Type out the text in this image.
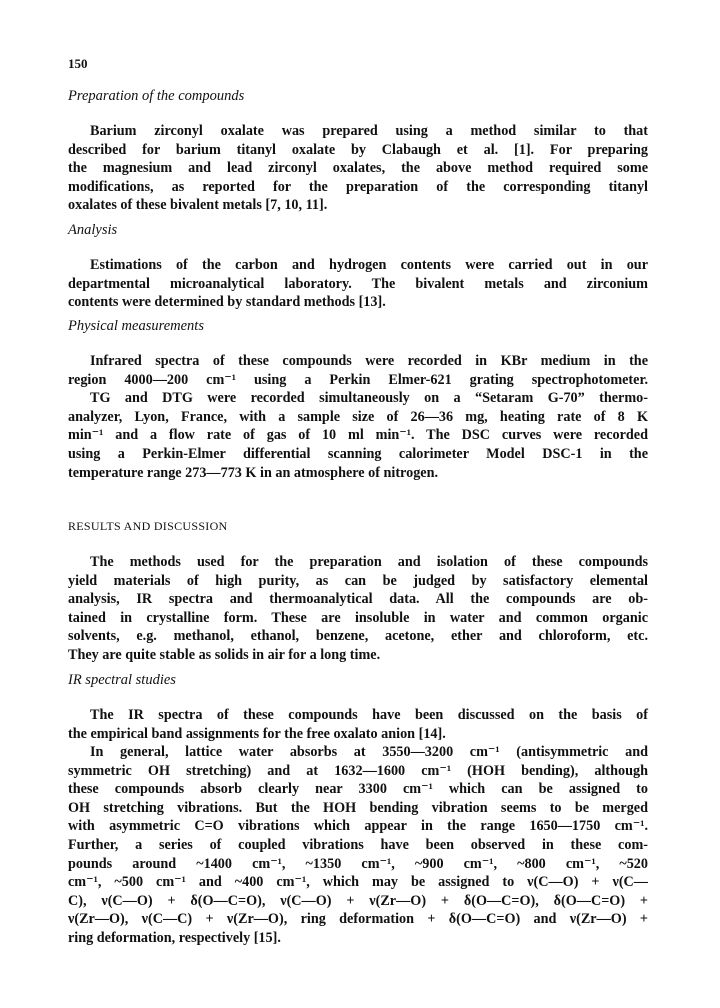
150
Preparation of the compounds
Barium zirconyl oxalate was prepared using a method similar to that
described for barium titanyl oxalate by Clabaugh et al. [1]. For preparing
the magnesium and lead zirconyl oxalates, the above method required some
modifications, as reported for the preparation of the corresponding titanyl
oxalates of these bivalent metals [7, 10, 11].
Analysis
Estimations of the carbon and hydrogen contents were carried out in our
departmental microanalytical laboratory. The bivalent metals and zirconium
contents were determined by standard methods [13].
Physical measurements
Infrared spectra of these compounds were recorded in KBr medium in the
region 4000—200 cm⁻¹ using a Perkin Elmer-621 grating spectrophotometer.
TG and DTG were recorded simultaneously on a “Setaram G-70” thermo-
analyzer, Lyon, France, with a sample size of 26—36 mg, heating rate of 8 K
min⁻¹ and a flow rate of gas of 10 ml min⁻¹. The DSC curves were recorded
using a Perkin-Elmer differential scanning calorimeter Model DSC-1 in the
temperature range 273—773 K in an atmosphere of nitrogen.
RESULTS AND DISCUSSION
The methods used for the preparation and isolation of these compounds
yield materials of high purity, as can be judged by satisfactory elemental
analysis, IR spectra and thermoanalytical data. All the compounds are ob-
tained in crystalline form. These are insoluble in water and common organic
solvents, e.g. methanol, ethanol, benzene, acetone, ether and chloroform, etc.
They are quite stable as solids in air for a long time.
IR spectral studies
The IR spectra of these compounds have been discussed on the basis of
the empirical band assignments for the free oxalato anion [14].
In general, lattice water absorbs at 3550—3200 cm⁻¹ (antisymmetric and
symmetric OH stretching) and at 1632—1600 cm⁻¹ (HOH bending), although
these compounds absorb clearly near 3300 cm⁻¹ which can be assigned to
OH stretching vibrations. But the HOH bending vibration seems to be merged
with asymmetric C=O vibrations which appear in the range 1650—1750 cm⁻¹.
Further, a series of coupled vibrations have been observed in these com-
pounds around ~1400 cm⁻¹, ~1350 cm⁻¹, ~900 cm⁻¹, ~800 cm⁻¹, ~520
cm⁻¹, ~500 cm⁻¹ and ~400 cm⁻¹, which may be assigned to ν(C—O) + ν(C—
C), ν(C—O) + δ(O—C=O), ν(C—O) + ν(Zr—O) + δ(O—C=O), δ(O—C=O) +
ν(Zr—O), ν(C—C) + ν(Zr—O), ring deformation + δ(O—C=O) and ν(Zr—O) +
ring deformation, respectively [15].
